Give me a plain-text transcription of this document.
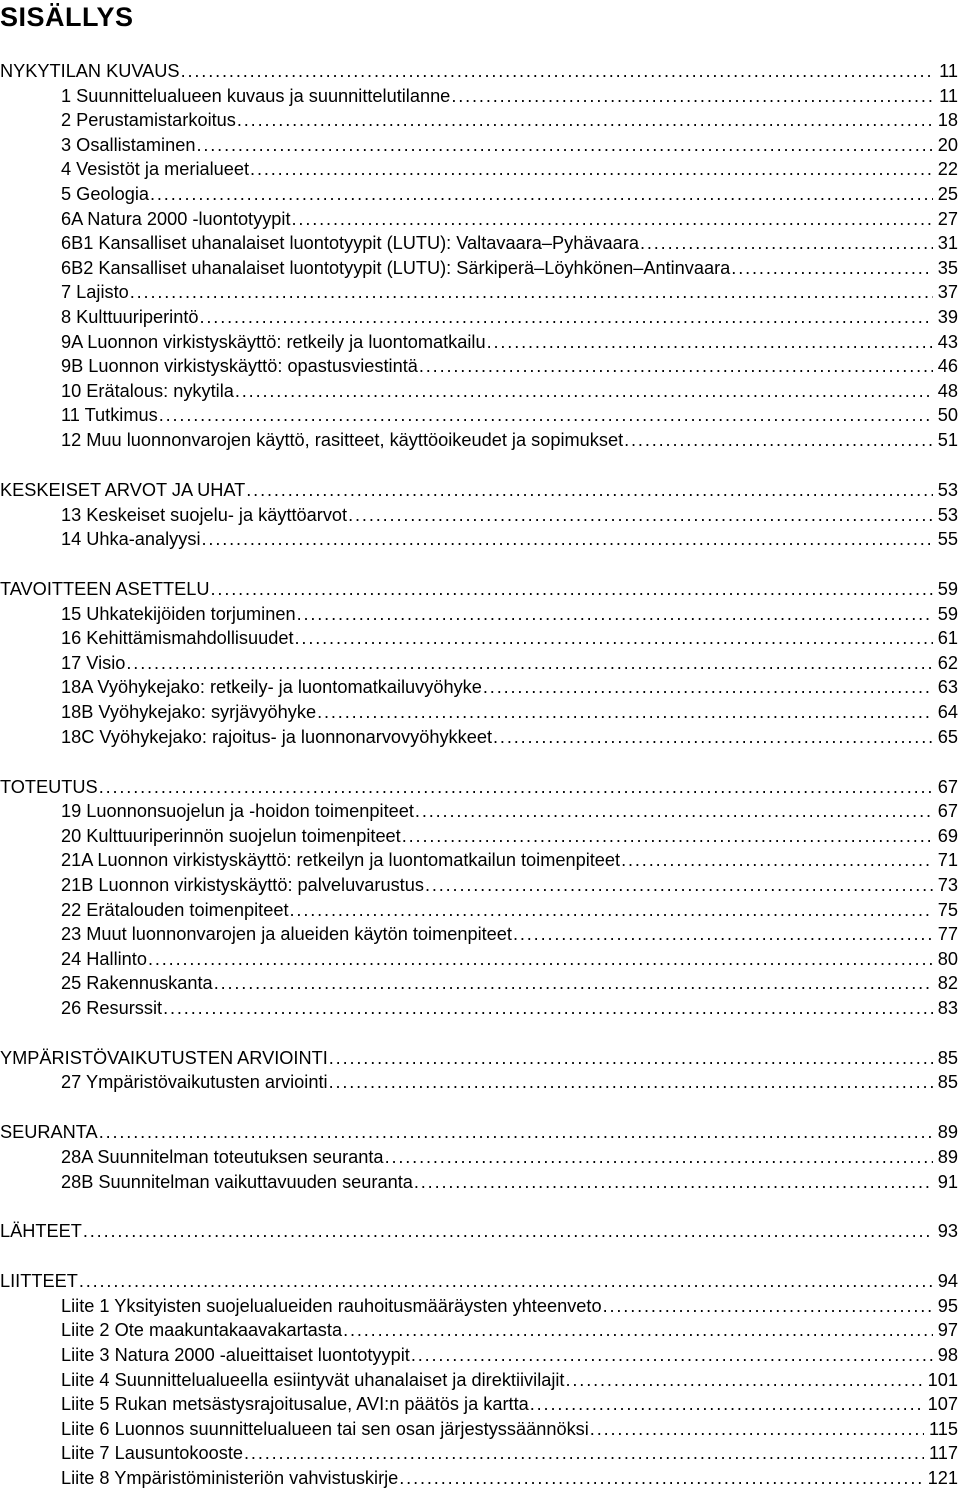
SISÄLLYS
NYKYTILAN KUVAUS . . .	11
1 Suunnittelualueen kuvaus ja suunnittelutilanne . . .	11
2 Perustamistarkoitus . . .	18
3 Osallistaminen . . .	20
4 Vesistöt ja merialueet . . .	22
5 Geologia . . .	25
6A Natura 2000 -luontotyypit . . .	27
6B1 Kansalliset uhanalaiset luontotyypit (LUTU): Valtavaara–Pyhävaara . . .	31
6B2 Kansalliset uhanalaiset luontotyypit (LUTU): Särkiperä–Löyhkönen–Antinvaara . . .	35
7 Lajisto . . .	37
8 Kulttuuriperintö . . .	39
9A Luonnon virkistyskäyttö: retkeily ja luontomatkailu . . .	43
9B Luonnon virkistyskäyttö: opastusviestintä . . .	46
10 Erätalous: nykytila . . .	48
11 Tutkimus . . .	50
12 Muu luonnonvarojen käyttö, rasitteet, käyttöoikeudet ja sopimukset . . .	51
KESKEISET ARVOT JA UHAT . . .	53
13 Keskeiset suojelu- ja käyttöarvot . . .	53
14 Uhka-analyysi . . .	55
TAVOITTEEN ASETTELU . . .	59
15 Uhkatekijöiden torjuminen . . .	59
16 Kehittämismahdollisuudet . . .	61
17 Visio . . .	62
18A Vyöhykejako: retkeily- ja luontomatkailuvyöhyke . . .	63
18B Vyöhykejako: syrjävyöhyke . . .	64
18C Vyöhykejako: rajoitus- ja luonnonarvovyöhykkeet . . .	65
TOTEUTUS . . .	67
19 Luonnonsuojelun ja -hoidon toimenpiteet . . .	67
20 Kulttuuriperinnön suojelun toimenpiteet . . .	69
21A Luonnon virkistyskäyttö: retkeilyn ja luontomatkailun toimenpiteet . . .	71
21B Luonnon virkistyskäyttö: palveluvarustus . . .	73
22 Erätalouden toimenpiteet . . .	75
23 Muut luonnonvarojen ja alueiden käytön toimenpiteet . . .	77
24 Hallinto . . .	80
25 Rakennuskanta . . .	82
26 Resurssit . . .	83
YMPÄRISTÖVAIKUTUSTEN ARVIOINTI . . .	85
27 Ympäristövaikutusten arviointi . . .	85
SEURANTA . . .	89
28A Suunnitelman toteutuksen seuranta . . .	89
28B Suunnitelman vaikuttavuuden seuranta . . .	91
LÄHTEET . . .	93
LIITTEET . . .	94
Liite 1 Yksityisten suojelualueiden rauhoitusmääräysten yhteenveto . . .	95
Liite 2 Ote maakuntakaavakartasta . . .	97
Liite 3 Natura 2000 -alueittaiset luontotyypit . . .	98
Liite 4 Suunnittelualueella esiintyvät uhanalaiset ja direktiivilajit . . .	101
Liite 5 Rukan metsästysrajoitusalue, AVI:n päätös ja kartta . . .	107
Liite 6 Luonnos suunnittelualueen tai sen osan järjestyssäännöksi . . .	115
Liite 7 Lausuntokooste . . .	117
Liite 8 Ympäristöministeriön vahvistuskirje . . .	121
